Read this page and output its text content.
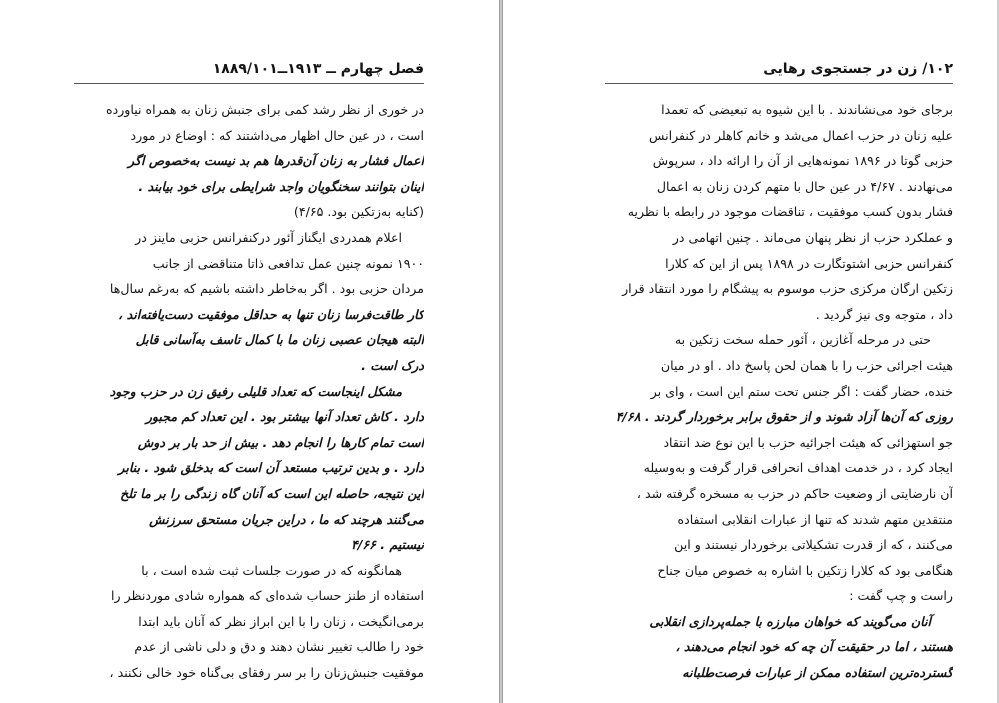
فصل چهارم ــ ۱۹۱۳ــ۱۸۸۹/۱۰۱
در خوری از نظر رشد کمی برای جنبش زنان به همراه نیاورده
است ، در عین حال اظهار می‌داشتند که : اوضاع در مورد
اعمال فشار به زنان آن‌قدرها هم بد نیست به‌خصوص اگر
اینان بتوانند سخنگویان واجد شرایطی برای خود بیابند .
(کنایه به‌زتکین بود. ۴/۶۵)
اعلام همدردی ایگناز آئور درکنفرانس حزبی ماینز در
۱۹۰۰ نمونه چنین عمل تدافعی ذاتا متناقضی از جانب
مردان حزبی بود . اگر به‌خاطر داشته باشیم که به‌رغم سال‌ها
کار طاقت‌فرسا زنان تنها به حداقل موفقیت دست‌یافته‌اند ،
البته هیجان عصبی زنان ما با کمال تاسف به‌آسانی قابل
درک است .
مشکل اینجاست که تعداد قلیلی رفیق زن در حزب وجود
دارد . کاش تعداد آنها بیشتر بود . این تعداد کم مجبور
است تمام کارها را انجام دهد . بیش از حد بار بر دوش
دارد . و بدین ترتیب مستعد آن است که بدخلق شود . بنابر
این نتیجه‌، حاصله این است که آنان گاه زندگی را بر ما تلخ
می‌گنند هرچند که ما ، دراین جریان مستحق سرزنش
نیستیم . ۴/۶۶
همانگونه که در صورت جلسات ثبت شده است ، با
استفاده از طنز حساب شده‌ای که همواره شادی موردنظر را
برمی‌انگیخت ، زنان را با این ابراز نظر که آنان باید ابتدا
خود را طالب تغییر نشان دهند و دق و دلی ناشی از عدم
موفقیت جنبش‌زنان را بر سر رفقای بی‌گناه خود خالی نکنند ،
۱۰۲/ زن در جستجوی رهایی
برجای خود می‌نشاندند . با این شیوه به تبعیضی که تعمدا
علیه زنان در حزب اعمال می‌شد و خانم کاهلر در کنفرانس
حزبی گوتا در ۱۸۹۶ نمونه‌هایی از آن را ارائه داد ، سرپوش
می‌نهادند . ۴/۶۷ در عین حال با متهم کردن زنان به اعمال
فشار بدون کسب موفقیت ، تناقضات موجود در رابطه با نظریه
و عملکرد حزب از نظر پنهان می‌ماند . چنین اتهامی در
کنفرانس حزبی اشتوتگارت در ۱۸۹۸ پس از این که کلارا
زتکین ارگان مرکزی حزب موسوم به پیشگام را مورد انتقاد قرار
داد ، متوجه وی نیز گردید .
حتی در مرحله آغازین ، آئور حمله سخت زتکین به
هیئت اجرائی حزب را با همان لحن پاسخ داد . او در میان
خنده‌، حضار گفت : اگر جنس تحت ستم این است ، وای بر
روزی که آن‌ها آزاد شوند و از حقوق برابر برخوردار گردند . ۴/۶۸
جو استهزائی که هیئت اجرائیه حزب با این نوع ضد انتقاد
ایجاد کرد ، در خدمت اهداف انحرافی قرار گرفت و به‌وسیله
آن نارضایتی از وضعیت حاکم در حزب به مسخره گرفته شد ،
منتقدین متهم شدند که تنها از عبارات انقلابی استفاده
می‌کنند ، که از قدرت تشکیلاتی برخوردار نیستند و این
هنگامی بود که کلارا زتکین با اشاره به خصوص میان جناح
راست و چپ گفت :
آنان می‌گویند که خواهان مبارزه با جمله‌پردازی انقلابی
هستند ، اما در حقیقت آن چه که خود انجام می‌دهند ،
گسترده‌ترین استفاده ممکن از عبارات فرصت‌طلبانه
